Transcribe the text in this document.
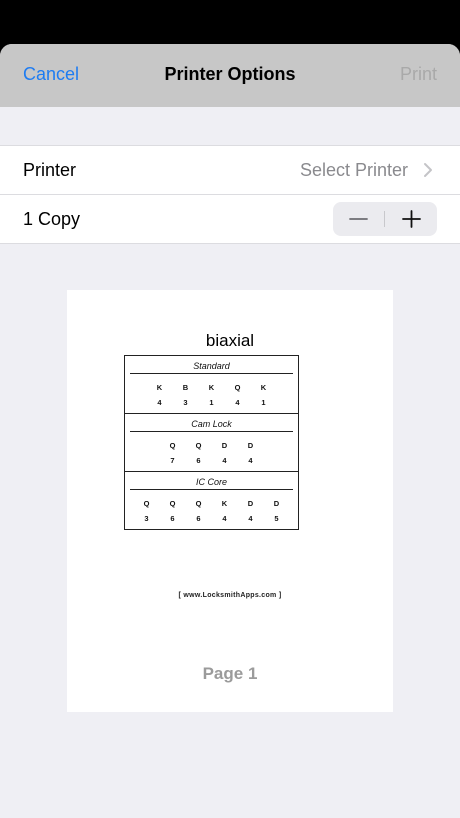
Cancel	Printer Options	Print
Printer	Select Printer
1 Copy
biaxial
Standard
K	B	K	Q	K
4	3	1	4	1
Cam Lock
Q	Q	D	D
7	6	4	4
IC Core
Q	Q	Q	K	D	D
3	6	6	4	4	5
[ www.LocksmithApps.com ]
Page 1
